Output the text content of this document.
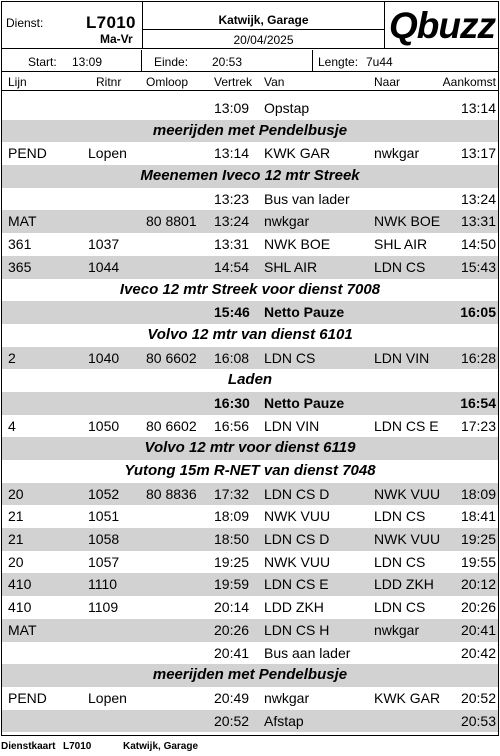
Dienst:	L7010
Ma-Vr
Katwijk, Garage
20/04/2025	Qbuzz
Start: 13:09	Einde: 20:53	Lengte: 7u44
Lijn	Ritnr Omloop Vertrek Van	Naar	Aankomst
13:09 Opstap	13:14
meerijden met Pendelbusje
PEND	Lopen	13:14 KWK GAR	nwkgar	13:17
Meenemen Iveco 12 mtr Streek
13:23 Bus van lader	13:24
MAT	80 8801 13:24 nwkgar	NWK BOE 13:31
361	1037	13:31 NWK BOE	SHL AIR 14:50
365	1044	14:54 SHL AIR	LDN CS	15:43
Iveco 12 mtr Streek voor dienst 7008
15:46 Netto Pauze	16:05
Volvo 12 mtr van dienst 6101
2	1040 80 6602 16:08 LDN CS	LDN VIN 16:28
Laden
16:30 Netto Pauze	16:54
4	1050 80 6602 16:56 LDN VIN	LDN CS E 17:23
Volvo 12 mtr voor dienst 6119
Yutong 15m R-NET van dienst 7048
20	1052 80 8836 17:32 LDN CS D	NWK VUU 18:09
21	1051	18:09 NWK VUU	LDN CS	18:41
21	1058	18:50 LDN CS D	NWK VUU 19:25
20	1057	19:25 NWK VUU	LDN CS	19:55
410	1110	19:59 LDN CS E	LDD ZKH 20:12
410	1109	20:14 LDD ZKH	LDN CS	20:26
MAT	20:26 LDN CS H	nwkgar	20:41
20:41 Bus aan lader	20:42
meerijden met Pendelbusje
PEND	Lopen	20:49 nwkgar	KWK GAR 20:52
20:52 Afstap	20:53
Dienstkaart L7010	Katwijk, Garage
